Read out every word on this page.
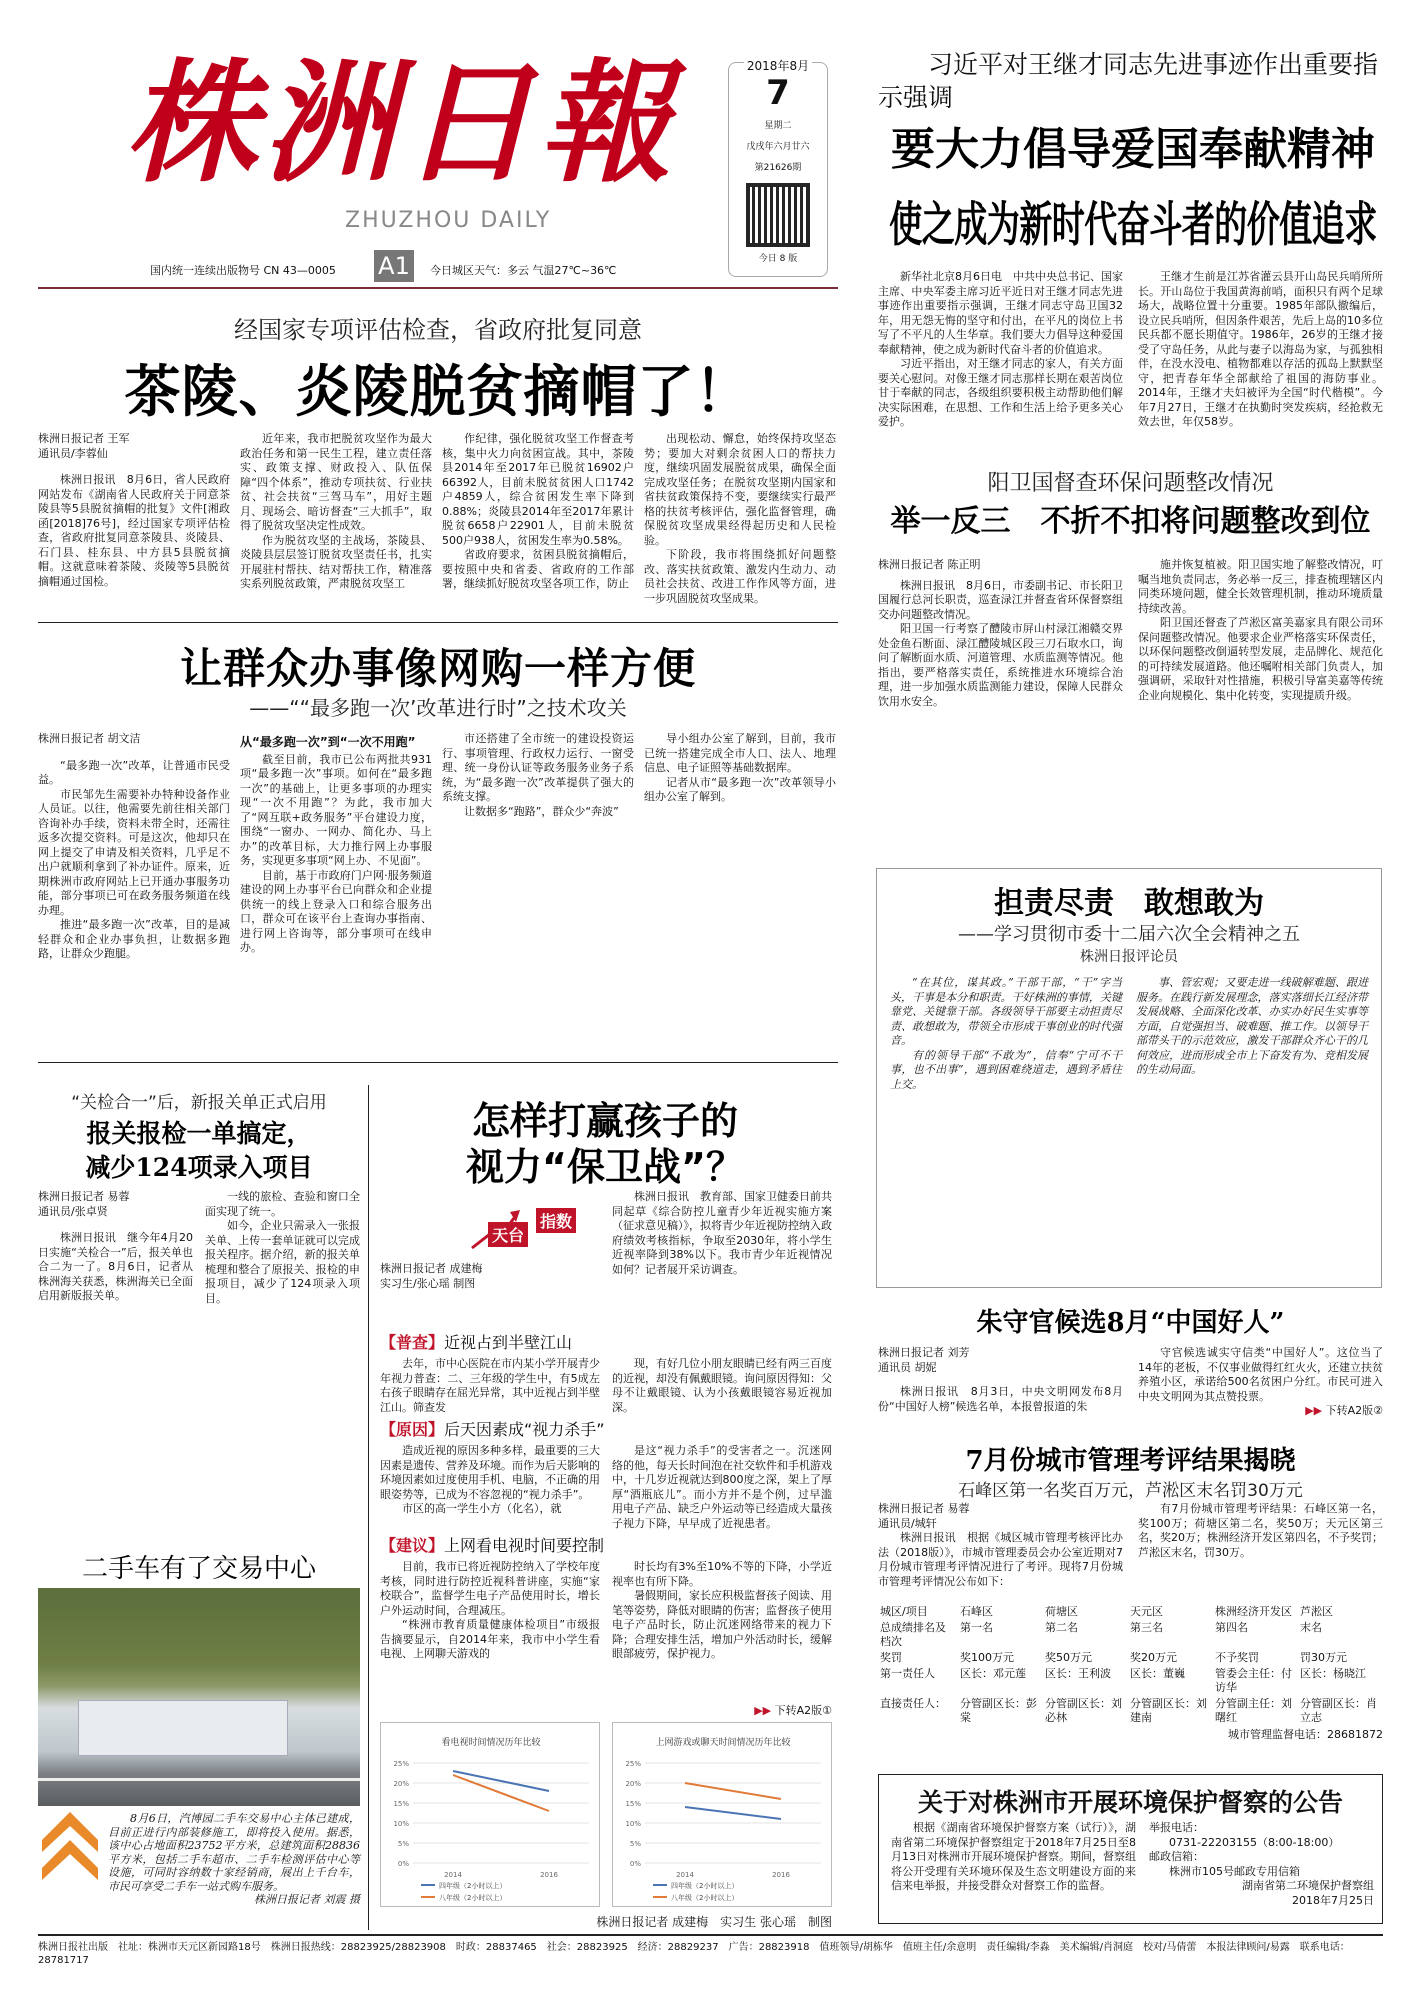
株洲日報
ZHUZHOU DAILY
国内统一连续出版物号 CN 43—0005 A1	今日城区天气：多云 气温27℃~36℃
2018年8月
7
星期二
戊戌年六月廿六
第21626期
今日 8 版
习近平对王继才同志先进事迹作出重要指示强调
要大力倡导爱国奉献精神
使之成为新时代奋斗者的价值追求

新华社北京8月6日电　中共中央总书记、国家主席、中央军委主席习近平近日对王继才同志先进事迹作出重要指示强调，王继才同志守岛卫国32年，用无怨无悔的坚守和付出，在平凡的岗位上书写了不平凡的人生华章。我们要大力倡导这种爱国奉献精神，使之成为新时代奋斗者的价值追求。

习近平指出，对王继才同志的家人，有关方面要关心慰问。对像王继才同志那样长期在艰苦岗位甘于奉献的同志，各级组织要积极主动帮助他们解决实际困难，在思想、工作和生活上给予更多关心爱护。

王继才生前是江苏省灌云县开山岛民兵哨所所长。开山岛位于我国黄海前哨，面积只有两个足球场大，战略位置十分重要。1985年部队撤编后，设立民兵哨所，但因条件艰苦，先后上岛的10多位民兵都不愿长期值守。1986年，26岁的王继才接受了守岛任务，从此与妻子以海岛为家，与孤独相伴，在没水没电、植物都难以存活的孤岛上默默坚守，把青春年华全部献给了祖国的海防事业。2014年，王继才夫妇被评为全国“时代楷模”。今年7月27日，王继才在执勤时突发疾病，经抢救无效去世，年仅58岁。

经国家专项评估检查，省政府批复同意
茶陵、炎陵脱贫摘帽了！

株洲日报记者 王军

通讯员/李蓉仙

株洲日报讯　8月6日，省人民政府网站发布《湖南省人民政府关于同意茶陵县等5县脱贫摘帽的批复》文件[湘政函[2018]76号]，经过国家专项评估检查，省政府批复同意茶陵县、炎陵县、石门县、桂东县、中方县5县脱贫摘帽。这就意味着茶陵、炎陵等5县脱贫摘帽通过国检。

近年来，我市把脱贫攻坚作为最大政治任务和第一民生工程，建立责任落实、政策支撑、财政投入、队伍保障“四个体系”，推动专项扶贫、行业扶贫、社会扶贫“三驾马车”，用好主题月、现场会、暗访督查“三大抓手”，取得了脱贫攻坚决定性成效。

作为脱贫攻坚的主战场，茶陵县、炎陵县层层签订脱贫攻坚责任书，扎实开展驻村帮扶、结对帮扶工作，精准落实系列脱贫政策，严肃脱贫攻坚工

作纪律，强化脱贫攻坚工作督查考核，集中火力向贫困宣战。其中，茶陵县2014年至2017年已脱贫16902户66392人，目前未脱贫贫困人口1742户4859人，综合贫困发生率下降到0.88%；炎陵县2014年至2017年累计脱贫6658户22901人，目前未脱贫500户938人，贫困发生率为0.58%。

省政府要求，贫困县脱贫摘帽后，要按照中央和省委、省政府的工作部署，继续抓好脱贫攻坚各项工作，防止

出现松动、懈怠，始终保持攻坚态势；要加大对剩余贫困人口的帮扶力度，继续巩固发展脱贫成果，确保全面完成攻坚任务；在脱贫攻坚期内国家和省扶贫政策保持不变，要继续实行最严格的扶贫考核评估，强化监督管理，确保脱贫攻坚成果经得起历史和人民检验。

下阶段，我市将围绕抓好问题整改、落实扶贫政策、激发内生动力、动员社会扶贫、改进工作作风等方面，进一步巩固脱贫攻坚成果。

让群众办事像网购一样方便
——““最多跑一次’改革进行时”之技术攻关

株洲日报记者 胡文洁

“最多跑一次”改革，让普通市民受益。

市民邹先生需要补办特种设备作业人员证。以往，他需要先前往相关部门咨询补办手续，资料未带全时，还需往返多次提交资料。可是这次，他却只在网上提交了申请及相关资料，几乎足不出户就顺利拿到了补办证件。原来，近期株洲市政府网站上已开通办事服务功能，部分事项已可在政务服务频道在线办理。

推进“最多跑一次”改革，目的是减轻群众和企业办事负担，让数据多跑路，让群众少跑腿。

从“最多跑一次”到“一次不用跑”

截至目前，我市已公布两批共931项“最多跑一次”事项。如何在“最多跑一次”的基础上，让更多事项的办理实现“一次不用跑”？为此，我市加大了“网互联+政务服务”平台建设力度，围绕“一窗办、一网办、简化办、马上办”的改革目标，大力推行网上办事服务，实现更多事项“网上办、不见面”。

目前，基于市政府门户网·服务频道建设的网上办事平台已向群众和企业提供统一的线上登录入口和综合服务出口，群众可在该平台上查询办事指南、进行网上咨询等，部分事项可在线申办。

市还搭建了全市统一的建设投资运行、事项管理、行政权力运行、一窗受理、统一身份认证等政务服务业务子系统，为“最多跑一次”改革提供了强大的系统支撑。

让数据多“跑路”，群众少“奔波”

导小组办公室了解到，目前，我市已统一搭建完成全市人口、法人、地理信息、电子证照等基础数据库。

记者从市“最多跑一次”改革领导小组办公室了解到。

阳卫国督查环保问题整改情况
举一反三　不折不扣将问题整改到位

株洲日报记者 陈正明

株洲日报讯　8月6日，市委副书记、市长阳卫国履行总河长职责，巡查渌江并督查省环保督察组交办问题整改情况。

阳卫国一行考察了醴陵市屏山村渌江湘赣交界处金鱼石断面、渌江醴陵城区段三刀石取水口，询问了解断面水质、河道管理、水质监测等情况。他指出，要严格落实责任，系统推进水环境综合治理，进一步加强水质监测能力建设，保障人民群众饮用水安全。

施并恢复植被。阳卫国实地了解整改情况，叮嘱当地负责同志，务必举一反三，排查梳理辖区内同类环境问题，健全长效管理机制，推动环境质量持续改善。

阳卫国还督查了芦淞区富美嘉家具有限公司环保问题整改情况。他要求企业严格落实环保责任，以环保问题整改倒逼转型发展，走品牌化、规范化的可持续发展道路。他还嘱咐相关部门负责人，加强调研，采取针对性措施，积极引导富美嘉等传统企业向规模化、集中化转变，实现提质升级。

担责尽责　敢想敢为
——学习贯彻市委十二届六次全会精神之五
株洲日报评论员

“在其位，谋其政。”干部干部，“干”字当头，干事是本分和职责。干好株洲的事情，关键靠党、关键靠干部。各级领导干部要主动担责尽责、敢想敢为，带领全市形成干事创业的时代强音。

有的领导干部“不敢为”，信奉“宁可不干事，也不出事”，遇到困难绕道走，遇到矛盾往上交。

事、管宏观；又要走进一线破解难题、跟进服务。在践行新发展理念，落实落细长江经济带发展战略、全面深化改革、办实办好民生实事等方面，自觉强担当、破难题、推工作。以领导干部带头干的示范效应，激发干部群众齐心干的几何效应，进而形成全市上下奋发有为、竞相发展的生动局面。

“关检合一”后，新报关单正式启用
报关报检一单搞定，
减少124项录入项目

株洲日报记者 易蓉

通讯员/张卓贤

株洲日报讯　继今年4月20日实施“关检合一”后，报关单也合二为一了。8月6日，记者从株洲海关获悉，株洲海关已全面启用新版报关单。

一线的旅检、查验和窗口全面实现了统一。

如今，企业只需录入一张报关单、上传一套单证就可以完成报关程序。据介绍，新的报关单梳理和整合了原报关、报检的申报项目，减少了124项录入项目。

二手车有了交易中心

8月6日，汽博园二手车交易中心主体已建成，目前正进行内部装修施工，即将投入使用。据悉，该中心占地面积23752平方米，总建筑面积28836平方米，包括二手车超市、二手车检测评估中心等设施，可同时容纳数十家经销商，展出上千台车，市民可享受二手车一站式购车服务。

株洲日报记者 刘震 摄

怎样打赢孩子的
视力“保卫战”？
天台
指数

株洲日报记者 成建梅

实习生/张心瑶 制图

株洲日报讯　教育部、国家卫健委日前共同起草《综合防控儿童青少年近视实施方案（征求意见稿）》，拟将青少年近视防控纳入政府绩效考核指标，争取至2030年，将小学生近视率降到38%以下。我市青少年近视情况如何？记者展开采访调查。

【普查】近视占到半壁江山

去年，市中心医院在市内某小学开展青少年视力普查：二、三年级的学生中，有5成左右孩子眼睛存在屈光异常，其中近视占到半壁江山。筛查发

现，有好几位小朋友眼睛已经有两三百度的近视，却没有佩戴眼镜。询问原因得知：父母不让戴眼镜、认为小孩戴眼镜容易近视加深。

【原因】后天因素成“视力杀手”

造成近视的原因多种多样，最重要的三大因素是遗传、营养及环境。而作为后天影响的环境因素如过度使用手机、电脑，不正确的用眼姿势等，已成为不容忽视的“视力杀手”。

市区的高一学生小方（化名），就

是这“视力杀手”的受害者之一。沉迷网络的他，每天长时间泡在社交软件和手机游戏中，十几岁近视就达到800度之深，架上了厚厚“酒瓶底儿”。而小方并不是个例，过早滥用电子产品、缺乏户外运动等已经造成大量孩子视力下降，早早成了近视患者。

【建议】上网看电视时间要控制

目前，我市已将近视防控纳入了学校年度考核，同时进行防控近视科普讲座，实施“家校联合”，监督学生电子产品使用时长，增长户外运动时间，合理减压。

“株洲市教育质量健康体检项目”市级报告摘要显示，自2014年来，我市中小学生看电视、上网聊天游戏的

时长均有3%至10%不等的下降，小学近视率也有所下降。

暑假期间，家长应积极监督孩子阅读、用笔等姿势，降低对眼睛的伤害；监督孩子使用电子产品时长，防止沉迷网络带来的视力下降；合理安排生活，增加户外活动时长，缓解眼部疲劳，保护视力。

▶▶ 下转A2版①
看电视时间情况历年比较
0%
5%
10%
15%
20%
25%
2014	2016
四年级（2小时以上）
八年级（2小时以上）
上网游戏或聊天时间情况历年比较
0%
5%
10%
15%
20%
25%
2014	2016
四年级（2小时以上）
八年级（2小时以上）
株洲日报记者 成建梅　实习生 张心瑶　制图
朱守官候选8月“中国好人”

株洲日报记者 刘芳

通讯员 胡妮

株洲日报讯　8月3日，中央文明网发布8月份“中国好人榜”候选名单，本报曾报道的朱

守官候选诚实守信类“中国好人”。这位当了14年的老板，不仅事业做得红红火火，还建立扶贫养殖小区，承诺给500名贫困户分红。市民可进入中央文明网为其点赞投票。

▶▶ 下转A2版②
7月份城市管理考评结果揭晓
石峰区第一名奖百万元，芦淞区末名罚30万元

株洲日报记者 易蓉

通讯员/城轩

株洲日报讯　根据《城区城市管理考核评比办法（2018版）》，市城市管理委员会办公室近期对7月份城市管理考评情况进行了考评。现将7月份城市管理考评情况公布如下：

有7月份城市管理考评结果：石峰区第一名，奖100万；荷塘区第二名，奖50万；天元区第三名，奖20万；株洲经济开发区第四名，不予奖罚；芦淞区末名，罚30万。

城区/项目	石峰区	荷塘区	天元区	株洲经济开发区	芦淞区
总成绩排名及档次	第一名	第二名	第三名	第四名	末名
奖罚	奖100万元	奖50万元	奖20万元	不予奖罚	罚30万元
第一责任人	区长：邓元莲	区长：王利波	区长：董巍	管委会主任：付访华	区长：杨晓江
直接责任人：	分管副区长：彭棠	分管副区长：刘必林	分管副区长：刘建南	分管副主任：刘曙红	分管副区长：肖立志
城市管理监督电话：28681872
关于对株洲市开展环境保护督察的公告

根据《湖南省环境保护督察方案（试行）》，湖南省第二环境保护督察组定于2018年7月25日至8月13日对株洲市开展环境保护督察。期间，督察组将公开受理有关环境环保及生态文明建设方面的来信来电举报，并接受群众对督察工作的监督。

举报电话：

0731-22203155（8:00-18:00）

邮政信箱：

株洲市105号邮政专用信箱

湖南省第二环境保护督察组

2018年7月25日

株洲日报社出版　社址：株洲市天元区新园路18号　株洲日报热线：28823925/28823908　时政：28837465　社会：28823925　经济：28829237　广告：28823918　值班领导/胡栋华　值班主任/余意明　责任编辑/李淼　美术编辑/肖洞庭　校对/马倩蕾　本报法律顾问/易露　联系电话：28781717
